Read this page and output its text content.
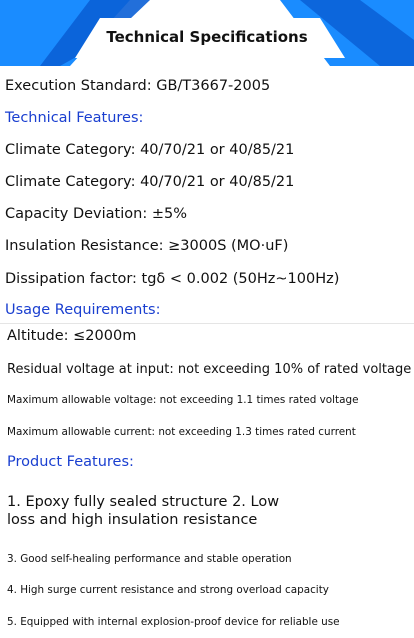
Technical Specifications
Execution Standard: GB/T3667-2005
Technical Features:
Climate Category: 40/70/21 or 40/85/21
Climate Category: 40/70/21 or 40/85/21
Capacity Deviation: ±5%
Insulation Resistance: ≥3000S (MO·uF)
Dissipation factor: tgδ < 0.002 (50Hz~100Hz)
Usage Requirements:
Altitude: ≤2000m
Residual voltage at input: not exceeding 10% of rated voltage
Maximum allowable voltage: not exceeding 1.1 times rated voltage
Maximum allowable current: not exceeding 1.3 times rated current
Product Features:
1. Epoxy fully sealed structure 2. Low
loss and high insulation resistance
3. Good self-healing performance and stable operation
4. High surge current resistance and strong overload capacity
5. Equipped with internal explosion-proof device for reliable use
